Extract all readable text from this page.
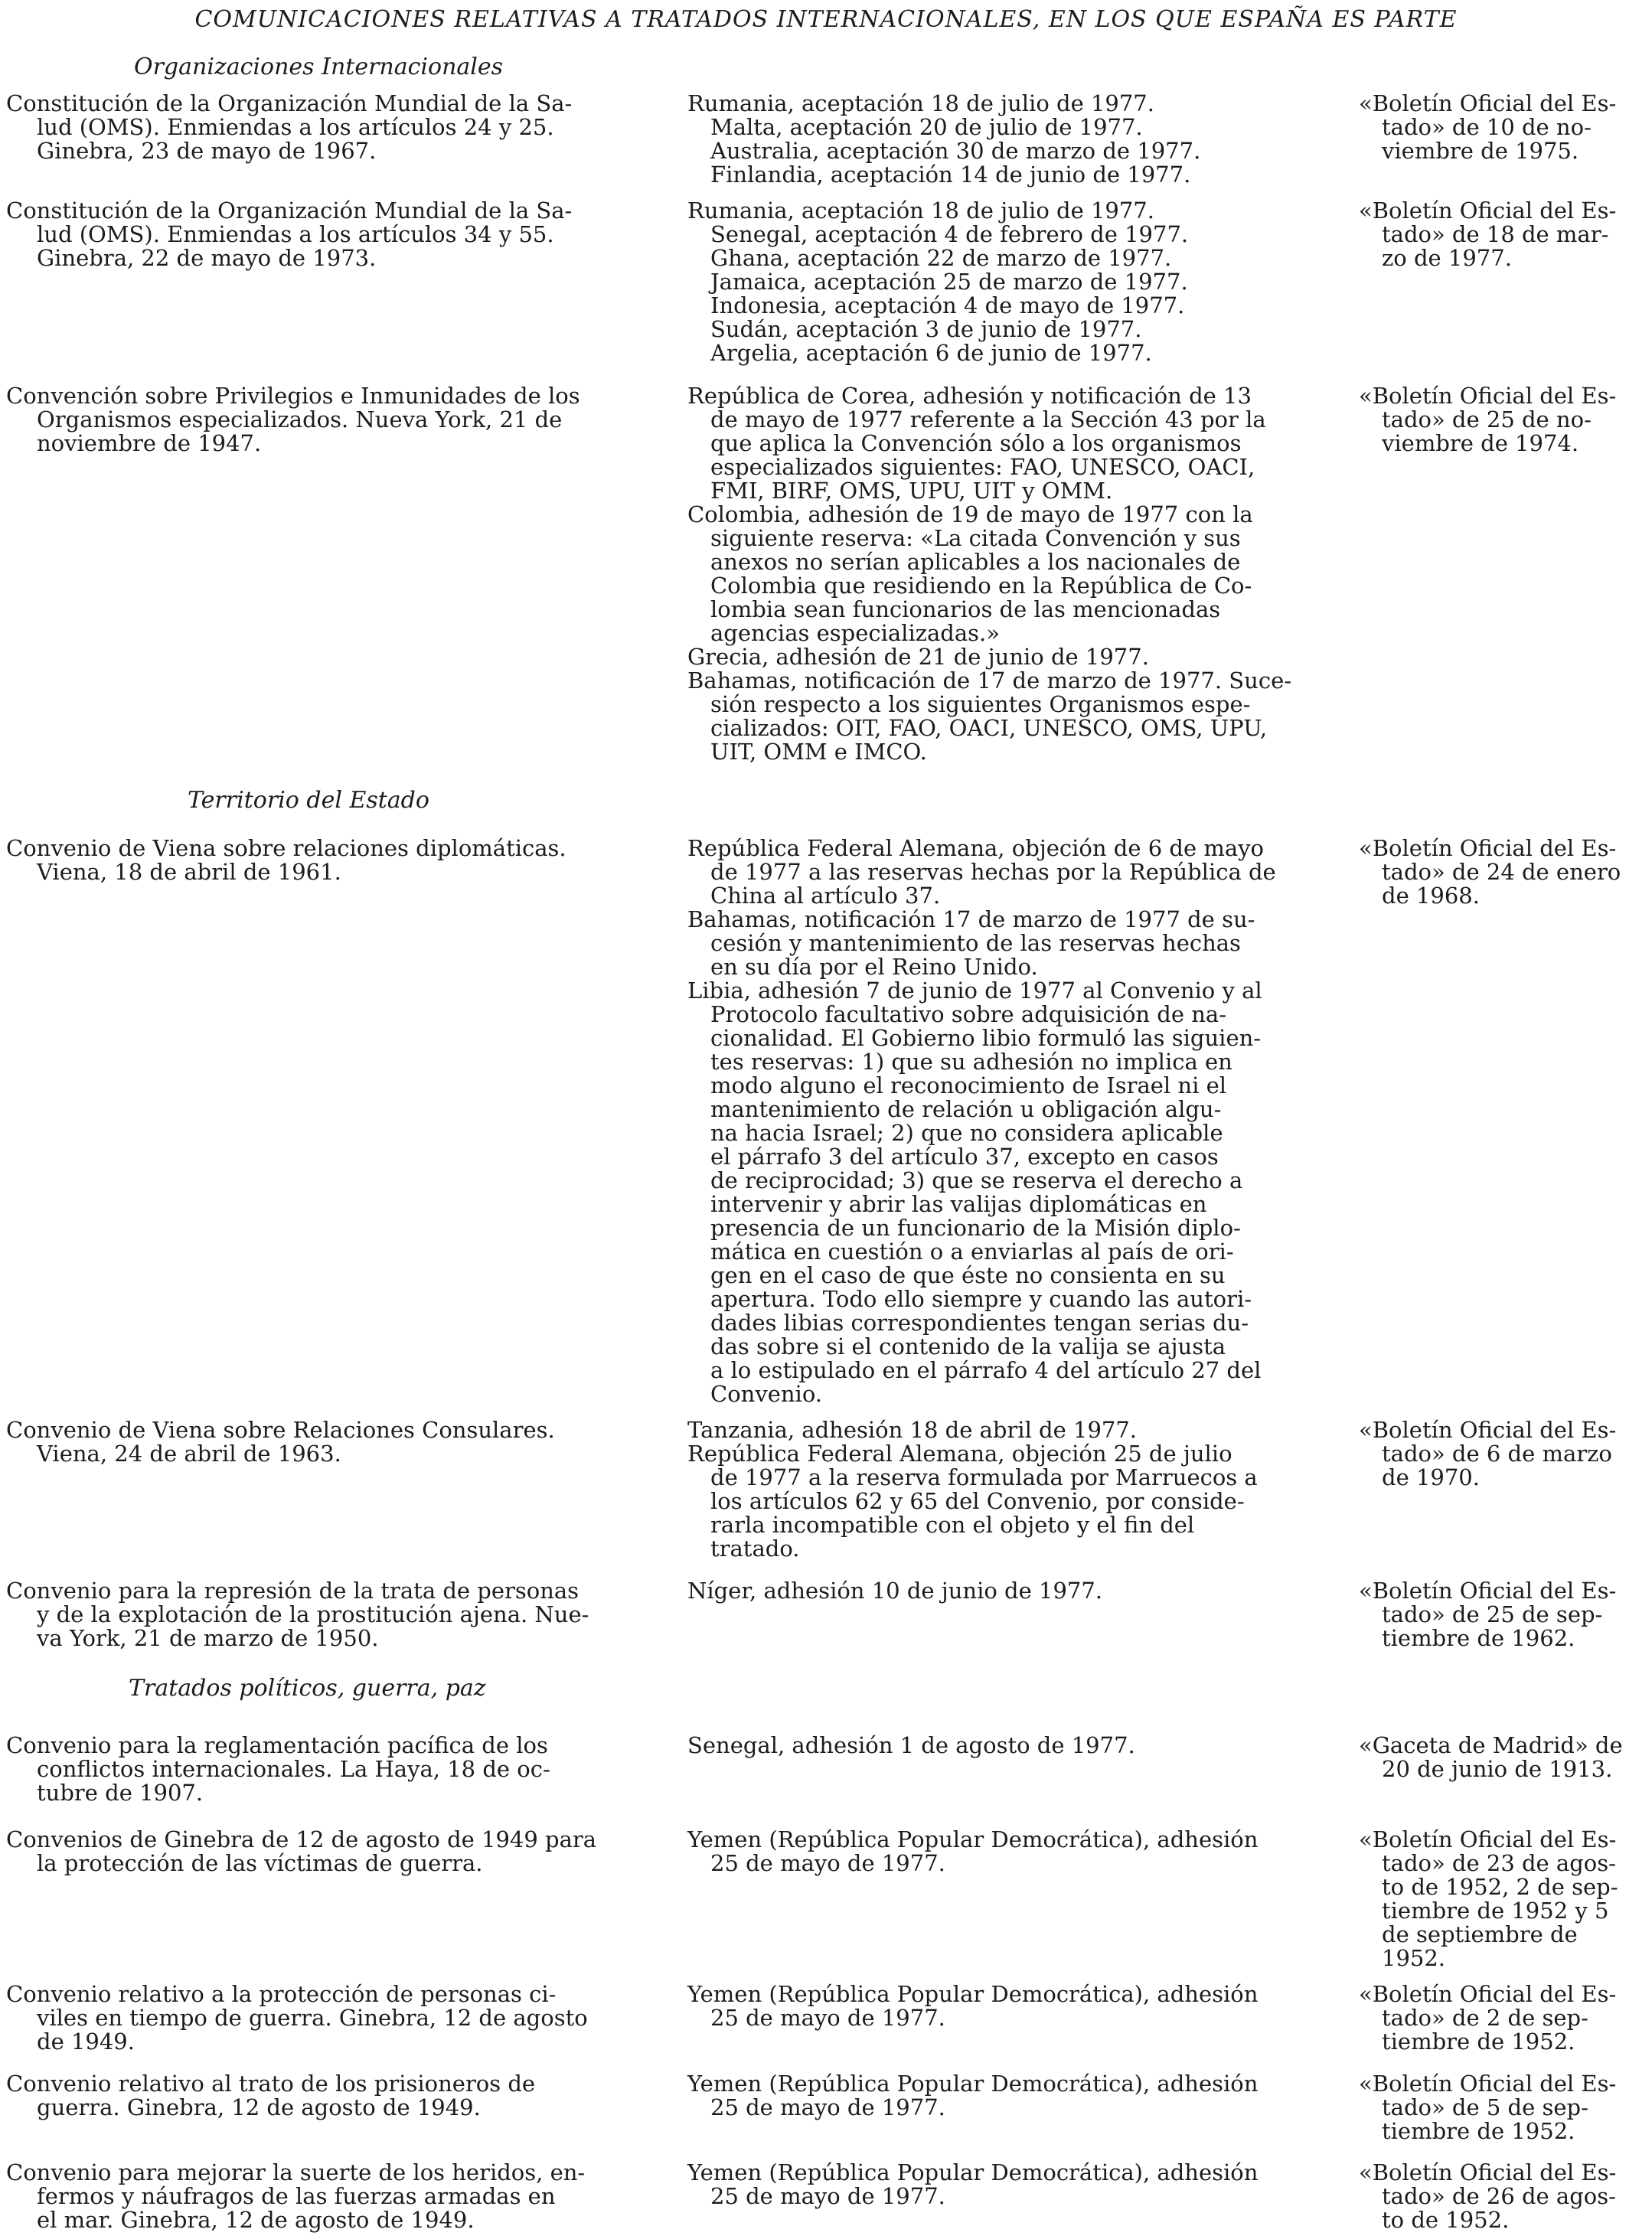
COMUNICACIONES RELATIVAS A TRATADOS INTERNACIONALES, EN LOS QUE ESPAÑA ES PARTE
Organizaciones Internacionales
Constitución de la Organización Mundial de la Sa-
lud (OMS). Enmiendas a los artículos 24 y 25.
Ginebra, 23 de mayo de 1967.
Rumania, aceptación 18 de julio de 1977.
Malta, aceptación 20 de julio de 1977.
Australia, aceptación 30 de marzo de 1977.
Finlandia, aceptación 14 de junio de 1977.
«Boletín Oficial del Es-
tado» de 10 de no-
viembre de 1975.
Constitución de la Organización Mundial de la Sa-
lud (OMS). Enmiendas a los artículos 34 y 55.
Ginebra, 22 de mayo de 1973.
Rumania, aceptación 18 de julio de 1977.
Senegal, aceptación 4 de febrero de 1977.
Ghana, aceptación 22 de marzo de 1977.
Jamaica, aceptación 25 de marzo de 1977.
Indonesia, aceptación 4 de mayo de 1977.
Sudán, aceptación 3 de junio de 1977.
Argelia, aceptación 6 de junio de 1977.
«Boletín Oficial del Es-
tado» de 18 de mar-
zo de 1977.
Convención sobre Privilegios e Inmunidades de los
Organismos especializados. Nueva York, 21 de
noviembre de 1947.
República de Corea, adhesión y notificación de 13
de mayo de 1977 referente a la Sección 43 por la
que aplica la Convención sólo a los organismos
especializados siguientes: FAO, UNESCO, OACI,
FMI, BIRF, OMS, UPU, UIT y OMM.
Colombia, adhesión de 19 de mayo de 1977 con la
siguiente reserva: «La citada Convención y sus
anexos no serían aplicables a los nacionales de
Colombia que residiendo en la República de Co-
lombia sean funcionarios de las mencionadas
agencias especializadas.»
Grecia, adhesión de 21 de junio de 1977.
Bahamas, notificación de 17 de marzo de 1977. Suce-
sión respecto a los siguientes Organismos espe-
cializados: OIT, FAO, OACI, UNESCO, OMS, UPU,
UIT, OMM e IMCO.
«Boletín Oficial del Es-
tado» de 25 de no-
viembre de 1974.
Territorio del Estado
Convenio de Viena sobre relaciones diplomáticas.
Viena, 18 de abril de 1961.
República Federal Alemana, objeción de 6 de mayo
de 1977 a las reservas hechas por la República de
China al artículo 37.
Bahamas, notificación 17 de marzo de 1977 de su-
cesión y mantenimiento de las reservas hechas
en su día por el Reino Unido.
Libia, adhesión 7 de junio de 1977 al Convenio y al
Protocolo facultativo sobre adquisición de na-
cionalidad. El Gobierno libio formuló las siguien-
tes reservas: 1) que su adhesión no implica en
modo alguno el reconocimiento de Israel ni el
mantenimiento de relación u obligación algu-
na hacia Israel; 2) que no considera aplicable
el párrafo 3 del artículo 37, excepto en casos
de reciprocidad; 3) que se reserva el derecho a
intervenir y abrir las valijas diplomáticas en
presencia de un funcionario de la Misión diplo-
mática en cuestión o a enviarlas al país de ori-
gen en el caso de que éste no consienta en su
apertura. Todo ello siempre y cuando las autori-
dades libias correspondientes tengan serias du-
das sobre si el contenido de la valija se ajusta
a lo estipulado en el párrafo 4 del artículo 27 del
Convenio.
«Boletín Oficial del Es-
tado» de 24 de enero
de 1968.
Convenio de Viena sobre Relaciones Consulares.
Viena, 24 de abril de 1963.
Tanzania, adhesión 18 de abril de 1977.
República Federal Alemana, objeción 25 de julio
de 1977 a la reserva formulada por Marruecos a
los artículos 62 y 65 del Convenio, por conside-
rarla incompatible con el objeto y el fin del
tratado.
«Boletín Oficial del Es-
tado» de 6 de marzo
de 1970.
Convenio para la represión de la trata de personas
y de la explotación de la prostitución ajena. Nue-
va York, 21 de marzo de 1950.
Níger, adhesión 10 de junio de 1977.	«Boletín Oficial del Es-
tado» de 25 de sep-
tiembre de 1962.
Tratados políticos, guerra, paz
Convenio para la reglamentación pacífica de los
conflictos internacionales. La Haya, 18 de oc-
tubre de 1907.
Senegal, adhesión 1 de agosto de 1977.	«Gaceta de Madrid» de
20 de junio de 1913.
Convenios de Ginebra de 12 de agosto de 1949 para
la protección de las víctimas de guerra.
Yemen (República Popular Democrática), adhesión
25 de mayo de 1977.
«Boletín Oficial del Es-
tado» de 23 de agos-
to de 1952, 2 de sep-
tiembre de 1952 y 5
de septiembre de
1952.
Convenio relativo a la protección de personas ci-
viles en tiempo de guerra. Ginebra, 12 de agosto
de 1949.
Yemen (República Popular Democrática), adhesión
25 de mayo de 1977.
«Boletín Oficial del Es-
tado» de 2 de sep-
tiembre de 1952.
Convenio relativo al trato de los prisioneros de
guerra. Ginebra, 12 de agosto de 1949.
Yemen (República Popular Democrática), adhesión
25 de mayo de 1977.
«Boletín Oficial del Es-
tado» de 5 de sep-
tiembre de 1952.
Convenio para mejorar la suerte de los heridos, en-
fermos y náufragos de las fuerzas armadas en
el mar. Ginebra, 12 de agosto de 1949.
Yemen (República Popular Democrática), adhesión
25 de mayo de 1977.
«Boletín Oficial del Es-
tado» de 26 de agos-
to de 1952.
